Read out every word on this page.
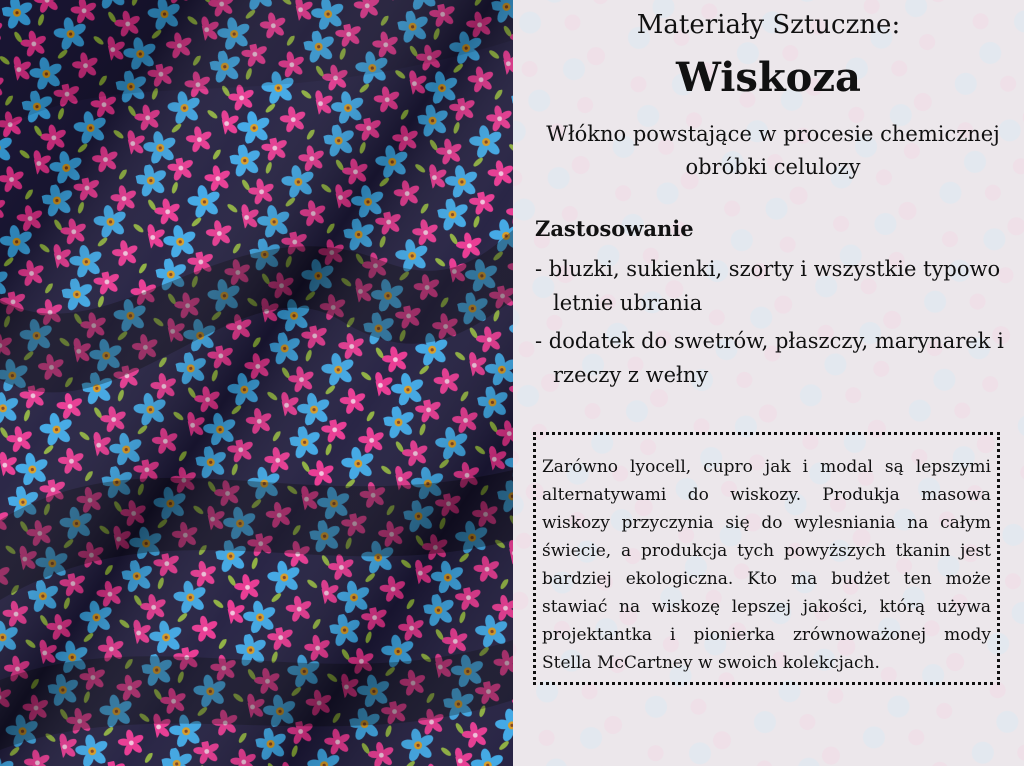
Materiały Sztuczne:
Wiskoza
Włókno powstające w procesie chemicznej obróbki celulozy
Zastosowanie
- bluzki, sukienki, szorty i wszystkie typowo letnie ubrania
- dodatek do swetrów, płaszczy, marynarek i rzeczy z wełny
Zarówno lyocell, cupro jak i modal są lepszymi alternatywami do wiskozy. Produkja masowa wiskozy przyczynia się do wylesniania na całym świecie, a produkcja tych powyższych tkanin jest bardziej ekologiczna. Kto ma budżet ten może stawiać na wiskozę lepszej jakości, którą używa projektantka i pionierka zrównoważonej mody Stella McCartney w swoich kolekcjach.
